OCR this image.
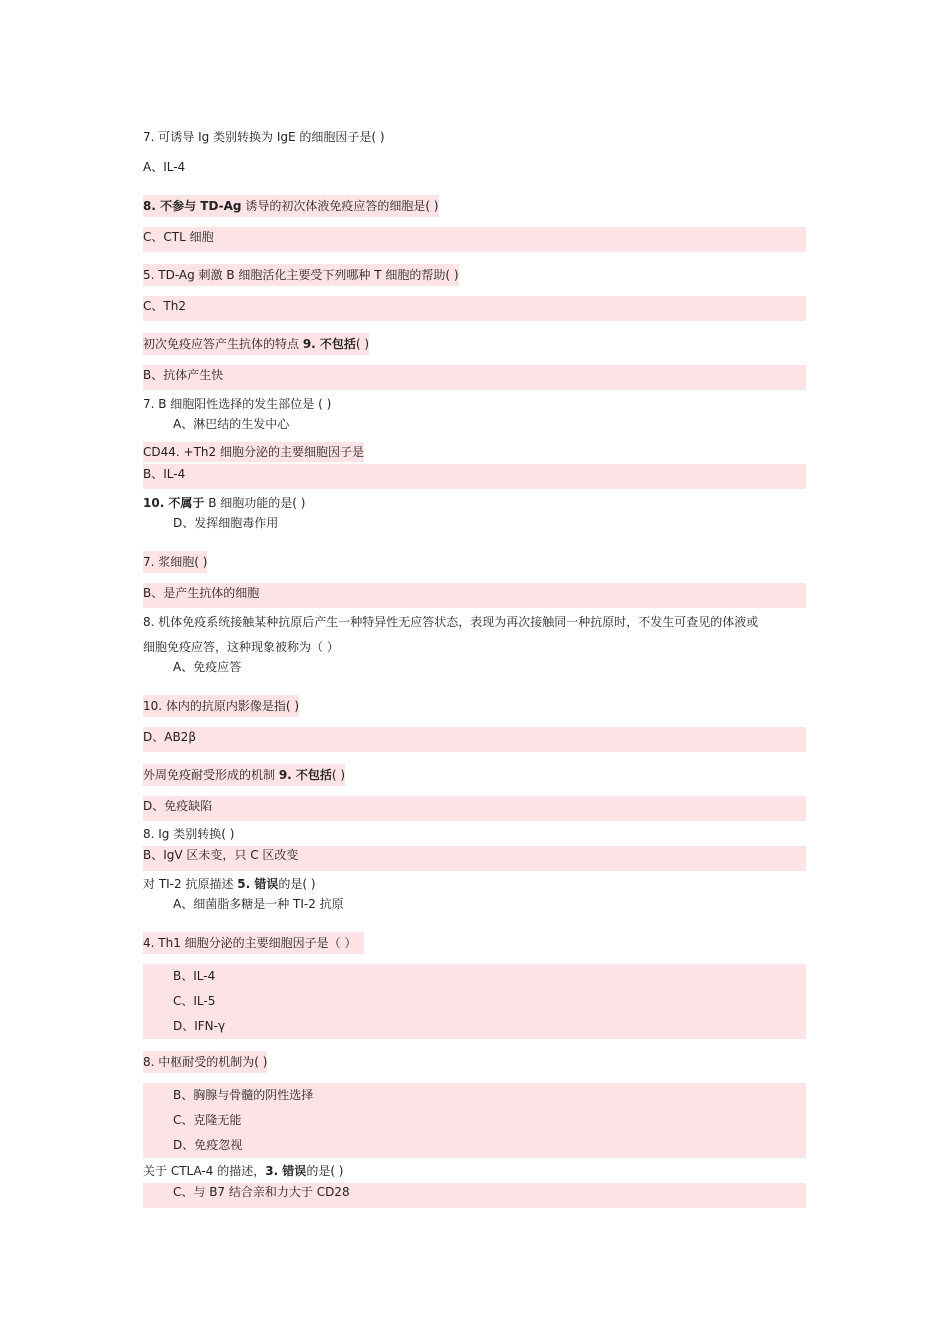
7. 可诱导 Ig 类别转换为 IgE 的细胞因子是( )
A、IL-4
8. 不参与 TD-Ag 诱导的初次体液免疫应答的细胞是( )
C、CTL 细胞
5. TD-Ag 刺激 B 细胞活化主要受下列哪种 T 细胞的帮助( )
C、Th2
初次免疫应答产生抗体的特点 9. 不包括( )
B、抗体产生快
7. B 细胞阳性选择的发生部位是 ( )
A、淋巴结的生发中心
CD44. +Th2 细胞分泌的主要细胞因子是
B、IL-4
10. 不属于 B 细胞功能的是( )
D、发挥细胞毒作用
7. 浆细胞( )
B、是产生抗体的细胞
8. 机体免疫系统接触某种抗原后产生一种特异性无应答状态，表现为再次接触同一种抗原时，不发生可查见的体液或
细胞免疫应答，这种现象被称为（ ）
A、免疫应答
10. 体内的抗原内影像是指( )
D、AB2β
外周免疫耐受形成的机制 9. 不包括( )
D、免疫缺陷
8. Ig 类别转换( )
B、IgV 区未变，只 C 区改变
对 TI-2 抗原描述 5. 错误的是( )
A、细菌脂多糖是一种 TI-2 抗原
4. Th1 细胞分泌的主要细胞因子是（ ）
B、IL-4
C、IL-5
D、IFN-γ
8. 中枢耐受的机制为( )
B、胸腺与骨髓的阴性选择
C、克隆无能
D、免疫忽视
关于 CTLA-4 的描述，3. 错误的是( )
C、与 B7 结合亲和力大于 CD28
